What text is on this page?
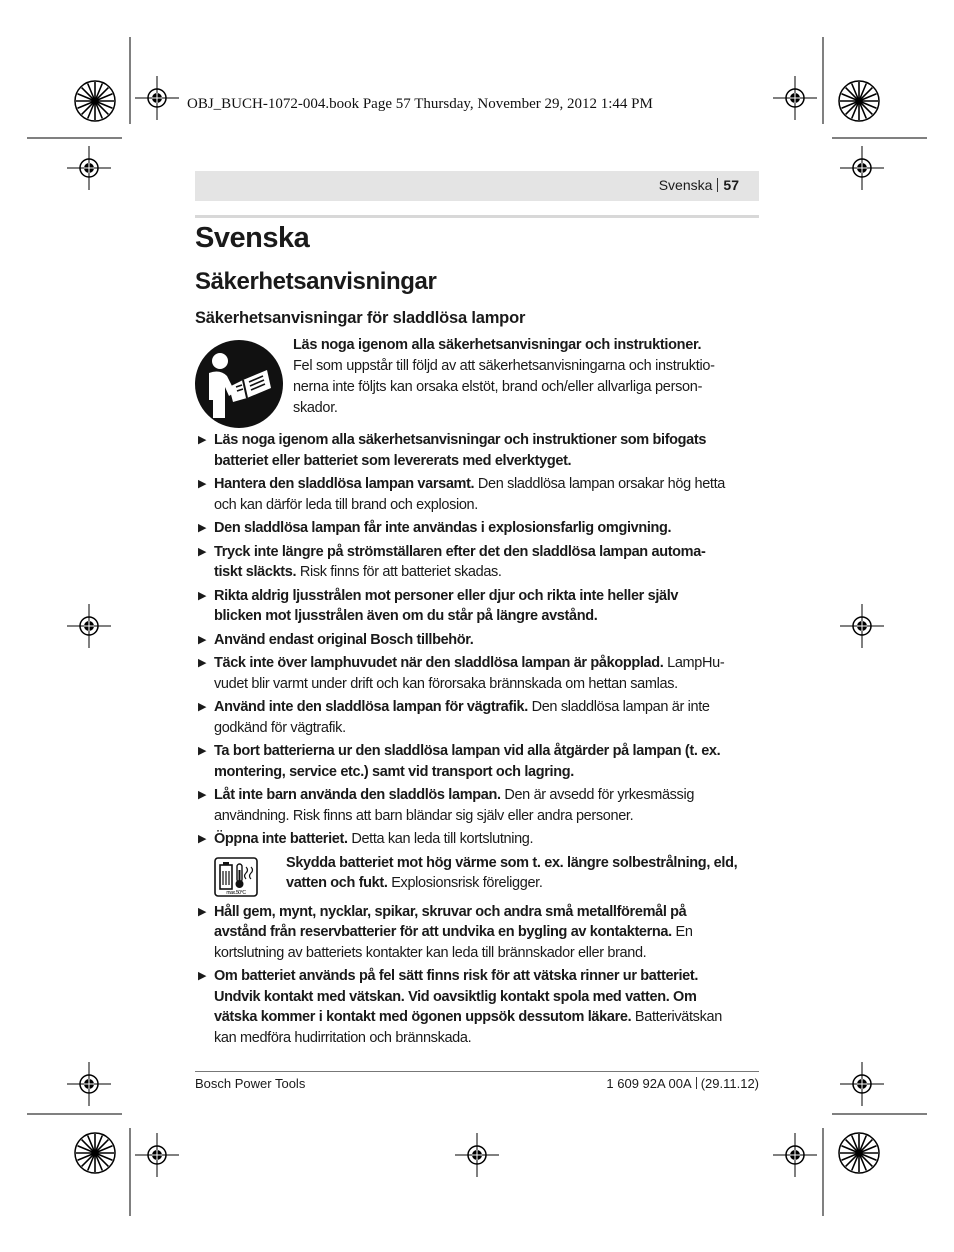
OBJ_BUCH-1072-004.book Page 57 Thursday, November 29, 2012 1:44 PM
Svenska 57
Svenska
Säkerhetsanvisningar
Säkerhetsanvisningar för sladdlösa lampor
Läs noga igenom alla säkerhetsanvisningar och instruktioner.
Fel som uppstår till följd av att säkerhetsanvisningarna och instruktio-
nerna inte följts kan orsaka elstöt, brand och/eller allvarliga person-
skador.
▶ Läs noga igenom alla säkerhetsanvisningar och instruktioner som bifogats
batteriet eller batteriet som levererats med elverktyget.
▶ Hantera den sladdlösa lampan varsamt. Den sladdlösa lampan orsakar hög hetta
och kan därför leda till brand och explosion.
▶ Den sladdlösa lampan får inte användas i explosionsfarlig omgivning.
▶ Tryck inte längre på strömställaren efter det den sladdlösa lampan automa-
tiskt släckts. Risk finns för att batteriet skadas.
▶ Rikta aldrig ljusstrålen mot personer eller djur och rikta inte heller själv
blicken mot ljusstrålen även om du står på längre avstånd.
▶ Använd endast original Bosch tillbehör.
▶ Täck inte över lamphuvudet när den sladdlösa lampan är påkopplad. LampHu-
vudet blir varmt under drift och kan förorsaka brännskada om hettan samlas.
▶ Använd inte den sladdlösa lampan för vägtrafik. Den sladdlösa lampan är inte
godkänd för vägtrafik.
▶ Ta bort batterierna ur den sladdlösa lampan vid alla åtgärder på lampan (t. ex.
montering, service etc.) samt vid transport och lagring.
▶ Låt inte barn använda den sladdlös lampan. Den är avsedd för yrkesmässig
användning. Risk finns att barn bländar sig själv eller andra personer.
▶ Öppna inte batteriet. Detta kan leda till kortslutning.
max.50°C
Skydda batteriet mot hög värme som t. ex. längre solbestrålning, eld,
vatten och fukt. Explosionsrisk föreligger.
▶ Håll gem, mynt, nycklar, spikar, skruvar och andra små metallföremål på
avstånd från reservbatterier för att undvika en bygling av kontakterna. En
kortslutning av batteriets kontakter kan leda till brännskador eller brand.
▶ Om batteriet används på fel sätt finns risk för att vätska rinner ur batteriet.
Undvik kontakt med vätskan. Vid oavsiktlig kontakt spola med vatten. Om
vätska kommer i kontakt med ögonen uppsök dessutom läkare. Batterivätskan
kan medföra hudirritation och brännskada.
Bosch Power Tools	1 609 92A 00A (29.11.12)
